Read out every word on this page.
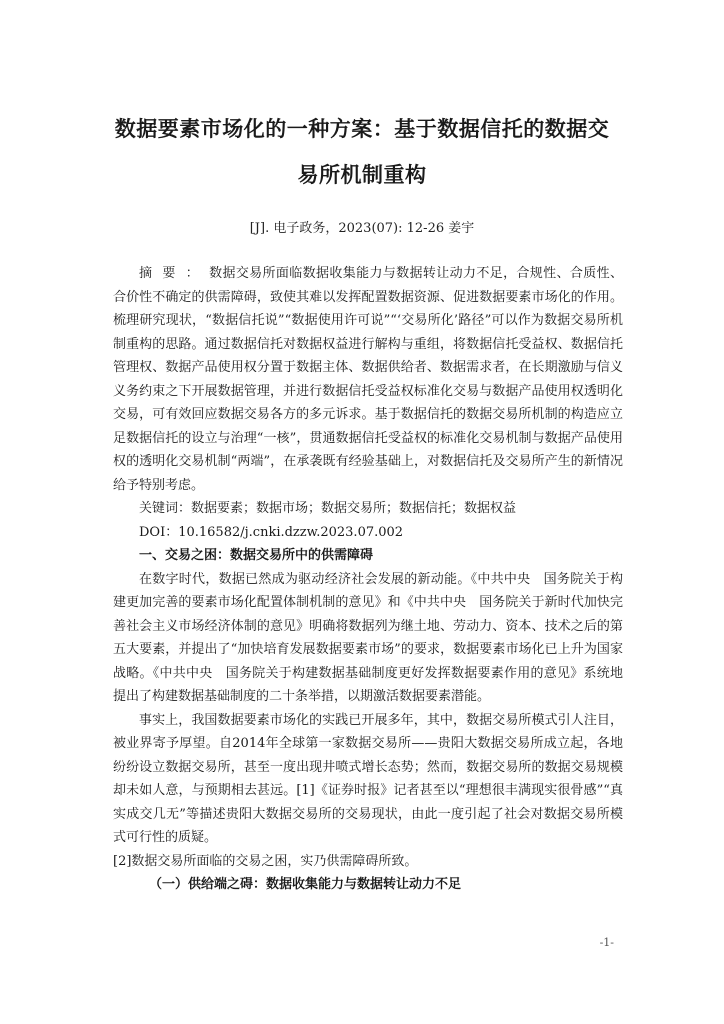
数据要素市场化的一种方案：基于数据信托的数据交
易所机制重构
[J]. 电子政务，2023(07): 12-26 姜宇

摘要：数据交易所面临数据收集能力与数据转让动力不足，合规性、合质性、合价性不确定的供需障碍，致使其难以发挥配置数据资源、促进数据要素市场化的作用。梳理研究现状，“数据信托说”“数据使用许可说”“‘交易所化’路径”可以作为数据交易所机制重构的思路。通过数据信托对数据权益进行解构与重组，将数据信托受益权、数据信托管理权、数据产品使用权分置于数据主体、数据供给者、数据需求者，在长期激励与信义义务约束之下开展数据管理，并进行数据信托受益权标准化交易与数据产品使用权透明化交易，可有效回应数据交易各方的多元诉求。基于数据信托的数据交易所机制的构造应立足数据信托的设立与治理“一核”，贯通数据信托受益权的标准化交易机制与数据产品使用权的透明化交易机制“两端”，在承袭既有经验基础上，对数据信托及交易所产生的新情况给予特别考虑。

关键词：数据要素；数据市场；数据交易所；数据信托；数据权益

DOI：10.16582/j.cnki.dzzw.2023.07.002

一、交易之困：数据交易所中的供需障碍

在数字时代，数据已然成为驱动经济社会发展的新动能。《中共中央　国务院关于构建更加完善的要素市场化配置体制机制的意见》和《中共中央　国务院关于新时代加快完善社会主义市场经济体制的意见》明确将数据列为继土地、劳动力、资本、技术之后的第五大要素，并提出了“加快培育发展数据要素市场”的要求，数据要素市场化已上升为国家战略。《中共中央　国务院关于构建数据基础制度更好发挥数据要素作用的意见》系统地提出了构建数据基础制度的二十条举措，以期激活数据要素潜能。

事实上，我国数据要素市场化的实践已开展多年，其中，数据交易所模式引人注目，被业界寄予厚望。自2014年全球第一家数据交易所——贵阳大数据交易所成立起，各地纷纷设立数据交易所，甚至一度出现井喷式增长态势；然而，数据交易所的数据交易规模却未如人意，与预期相去甚远。[1]《证券时报》记者甚至以“理想很丰满现实很骨感”“真实成交几无”等描述贵阳大数据交易所的交易现状，由此一度引起了社会对数据交易所模式可行性的质疑。

[2]数据交易所面临的交易之困，实乃供需障碍所致。

（一）供给端之碍：数据收集能力与数据转让动力不足

-1-
